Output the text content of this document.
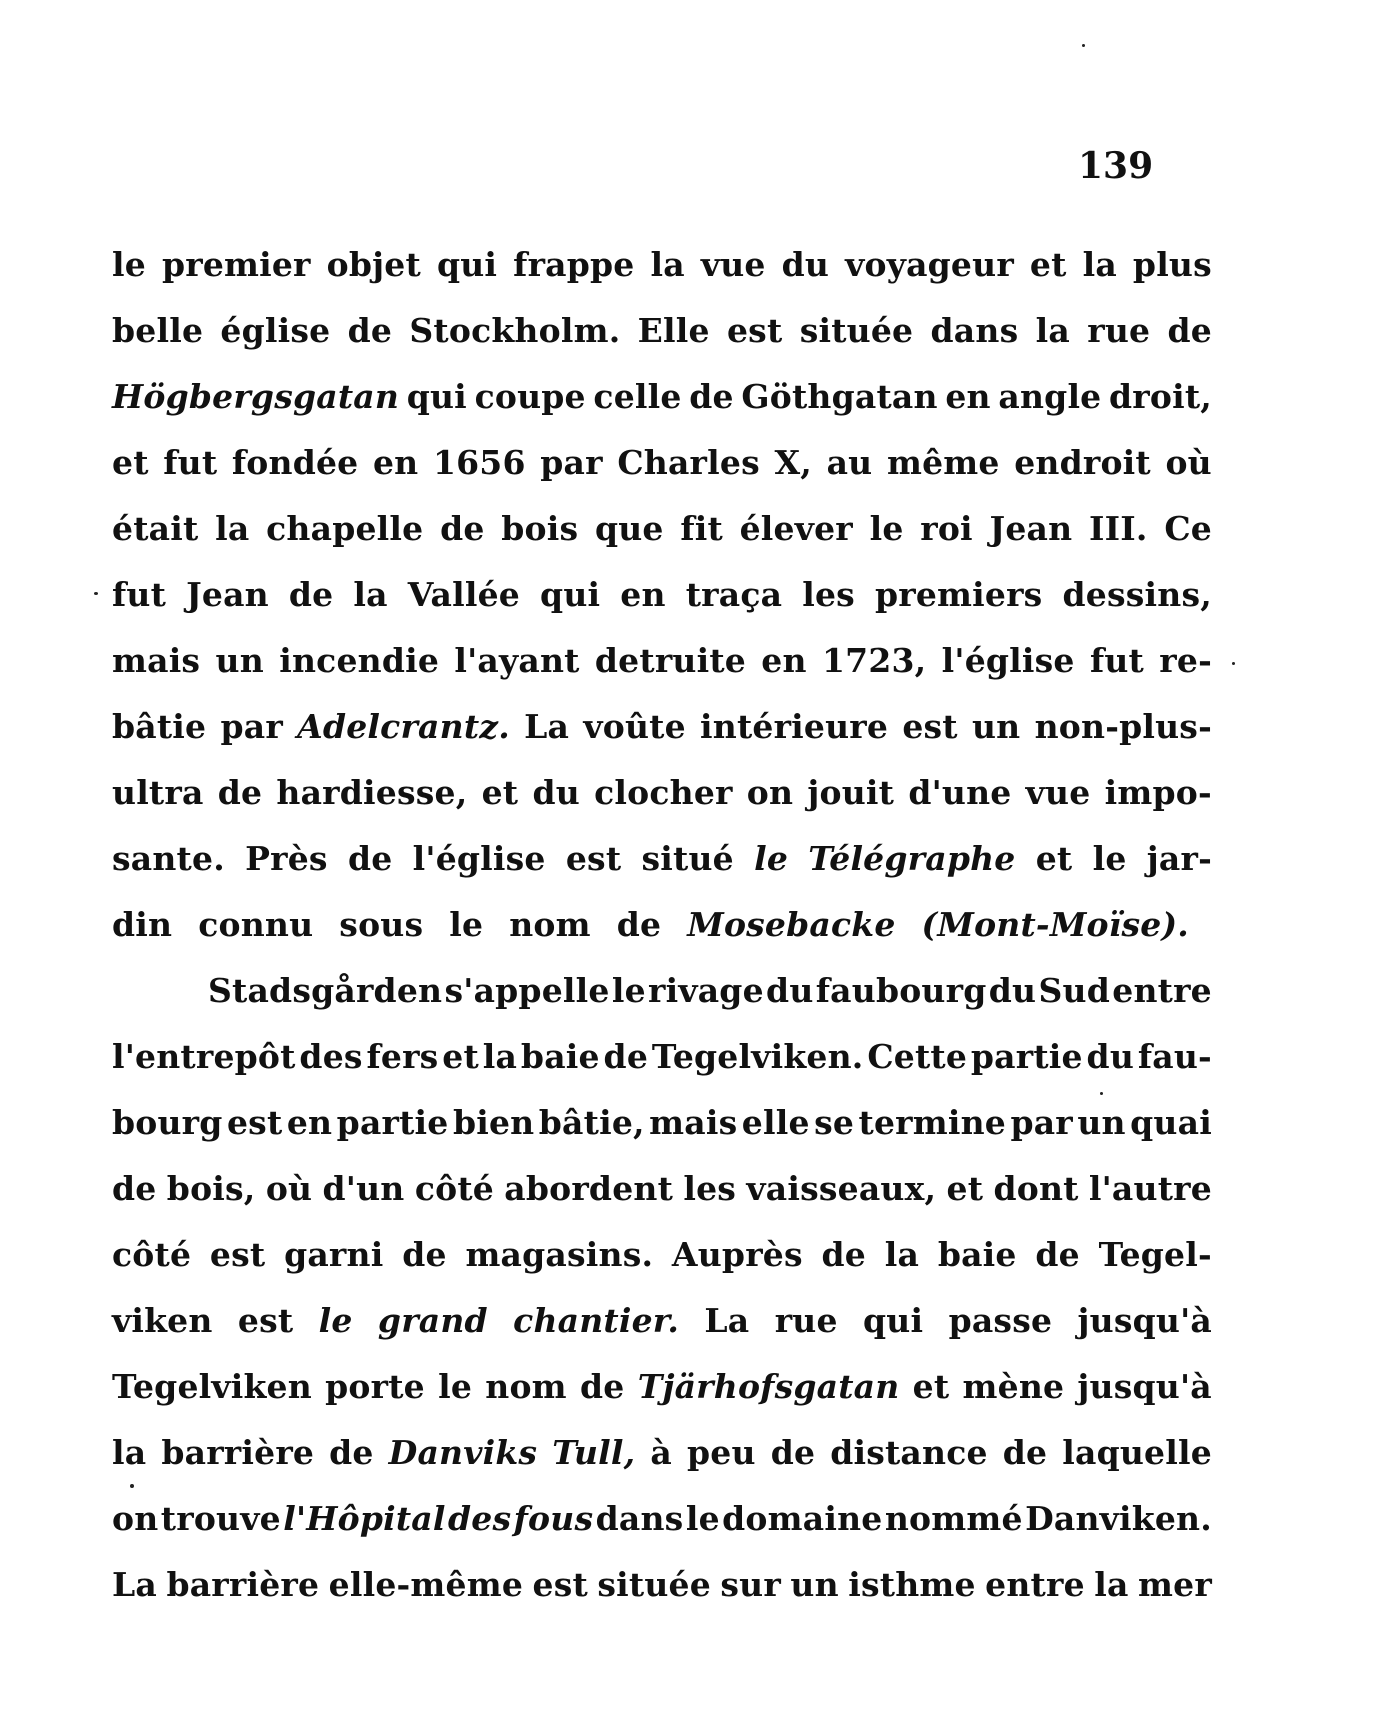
139
le premier objet qui frappe la vue du voyageur et la plus
belle église de Stockholm. Elle est située dans la rue de
Högbergsgatan qui coupe celle de Göthgatan en angle droit,
et fut fondée en 1656 par Charles X, au même endroit où
était la chapelle de bois que fit élever le roi Jean III. Ce
fut Jean de la Vallée qui en traça les premiers dessins,
mais un incendie l'ayant detruite en 1723, l'église fut re-
bâtie par Adelcrantz. La voûte intérieure est un non-plus-
ultra de hardiesse, et du clocher on jouit d'une vue impo-
sante. Près de l'église est situé le Télégraphe et le jar-
din connu sous le nom de Mosebacke (Mont-Moïse).
Stadsgården s'appelle le rivage du faubourg du Sud entre
l'entrepôt des fers et la baie de Tegelviken. Cette partie du fau-
bourg est en partie bien bâtie, mais elle se termine par un quai
de bois, où d'un côté abordent les vaisseaux, et dont l'autre
côté est garni de magasins. Auprès de la baie de Tegel-
viken est le grand chantier. La rue qui passe jusqu'à
Tegelviken porte le nom de Tjärhofsgatan et mène jusqu'à
la barrière de Danviks Tull, à peu de distance de laquelle
on trouve l'Hôpital des fous dans le domaine nommé Danviken.
La barrière elle-même est située sur un isthme entre la mer
